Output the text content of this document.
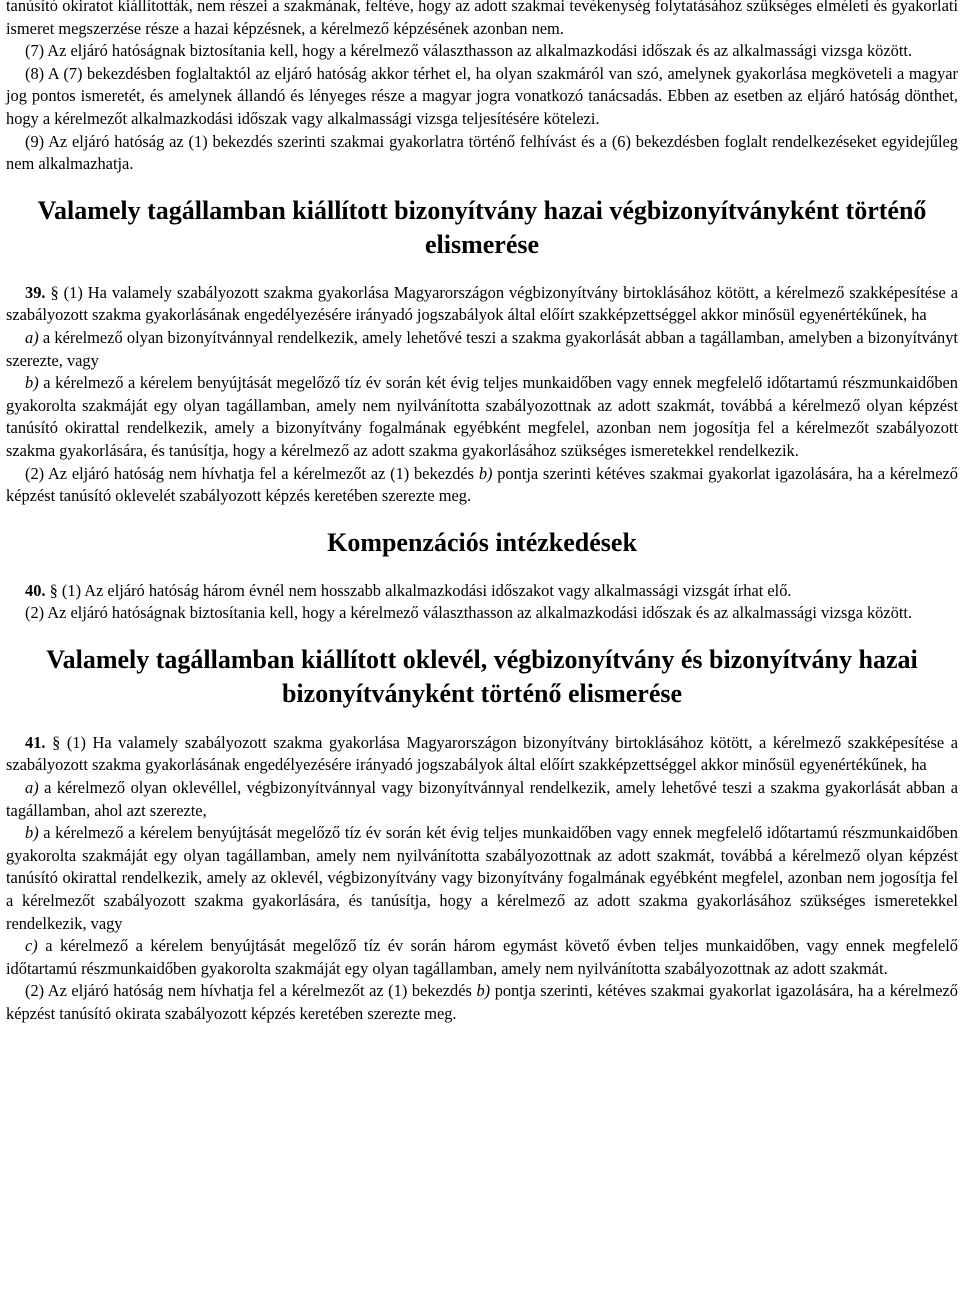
tanúsító okiratot kiállították, nem részei a szakmának, feltéve, hogy az adott szakmai tevékenység folytatásához szükséges elméleti és gyakorlati ismeret megszerzése része a hazai képzésnek, a kérelmező képzésének azonban nem.

(7) Az eljáró hatóságnak biztosítania kell, hogy a kérelmező választhasson az alkalmazkodási időszak és az alkalmassági vizsga között.

(8) A (7) bekezdésben foglaltaktól az eljáró hatóság akkor térhet el, ha olyan szakmáról van szó, amelynek gyakorlása megköveteli a magyar jog pontos ismeretét, és amelynek állandó és lényeges része a magyar jogra vonatkozó tanácsadás. Ebben az esetben az eljáró hatóság dönthet, hogy a kérelmezőt alkalmazkodási időszak vagy alkalmassági vizsga teljesítésére kötelezi.

(9) Az eljáró hatóság az (1) bekezdés szerinti szakmai gyakorlatra történő felhívást és a (6) bekezdésben foglalt rendelkezéseket egyidejűleg nem alkalmazhatja.

Valamely tagállamban kiállított bizonyítvány hazai végbizonyítványként történő elismerése

39. § (1) Ha valamely szabályozott szakma gyakorlása Magyarországon végbizonyítvány birtoklásához kötött, a kérelmező szakképesítése a szabályozott szakma gyakorlásának engedélyezésére irányadó jogszabályok által előírt szakképzettséggel akkor minősül egyenértékűnek, ha

a) a kérelmező olyan bizonyítvánnyal rendelkezik, amely lehetővé teszi a szakma gyakorlását abban a tagállamban, amelyben a bizonyítványt szerezte, vagy

b) a kérelmező a kérelem benyújtását megelőző tíz év során két évig teljes munkaidőben vagy ennek megfelelő időtartamú részmunkaidőben gyakorolta szakmáját egy olyan tagállamban, amely nem nyilvánította szabályozottnak az adott szakmát, továbbá a kérelmező olyan képzést tanúsító okirattal rendelkezik, amely a bizonyítvány fogalmának egyébként megfelel, azonban nem jogosítja fel a kérelmezőt szabályozott szakma gyakorlására, és tanúsítja, hogy a kérelmező az adott szakma gyakorlásához szükséges ismeretekkel rendelkezik.

(2) Az eljáró hatóság nem hívhatja fel a kérelmezőt az (1) bekezdés b) pontja szerinti kétéves szakmai gyakorlat igazolására, ha a kérelmező képzést tanúsító oklevelét szabályozott képzés keretében szerezte meg.

Kompenzációs intézkedések

40. § (1) Az eljáró hatóság három évnél nem hosszabb alkalmazkodási időszakot vagy alkalmassági vizsgát írhat elő.

(2) Az eljáró hatóságnak biztosítania kell, hogy a kérelmező választhasson az alkalmazkodási időszak és az alkalmassági vizsga között.

Valamely tagállamban kiállított oklevél, végbizonyítvány és bizonyítvány hazai bizonyítványként történő elismerése

41. § (1) Ha valamely szabályozott szakma gyakorlása Magyarországon bizonyítvány birtoklásához kötött, a kérelmező szakképesítése a szabályozott szakma gyakorlásának engedélyezésére irányadó jogszabályok által előírt szakképzettséggel akkor minősül egyenértékűnek, ha

a) a kérelmező olyan oklevéllel, végbizonyítvánnyal vagy bizonyítvánnyal rendelkezik, amely lehetővé teszi a szakma gyakorlását abban a tagállamban, ahol azt szerezte,

b) a kérelmező a kérelem benyújtását megelőző tíz év során két évig teljes munkaidőben vagy ennek megfelelő időtartamú részmunkaidőben gyakorolta szakmáját egy olyan tagállamban, amely nem nyilvánította szabályozottnak az adott szakmát, továbbá a kérelmező olyan képzést tanúsító okirattal rendelkezik, amely az oklevél, végbizonyítvány vagy bizonyítvány fogalmának egyébként megfelel, azonban nem jogosítja fel a kérelmezőt szabályozott szakma gyakorlására, és tanúsítja, hogy a kérelmező az adott szakma gyakorlásához szükséges ismeretekkel rendelkezik, vagy

c) a kérelmező a kérelem benyújtását megelőző tíz év során három egymást követő évben teljes munkaidőben, vagy ennek megfelelő időtartamú részmunkaidőben gyakorolta szakmáját egy olyan tagállamban, amely nem nyilvánította szabályozottnak az adott szakmát.

(2) Az eljáró hatóság nem hívhatja fel a kérelmezőt az (1) bekezdés b) pontja szerinti, kétéves szakmai gyakorlat igazolására, ha a kérelmező képzést tanúsító okirata szabályozott képzés keretében szerezte meg.
